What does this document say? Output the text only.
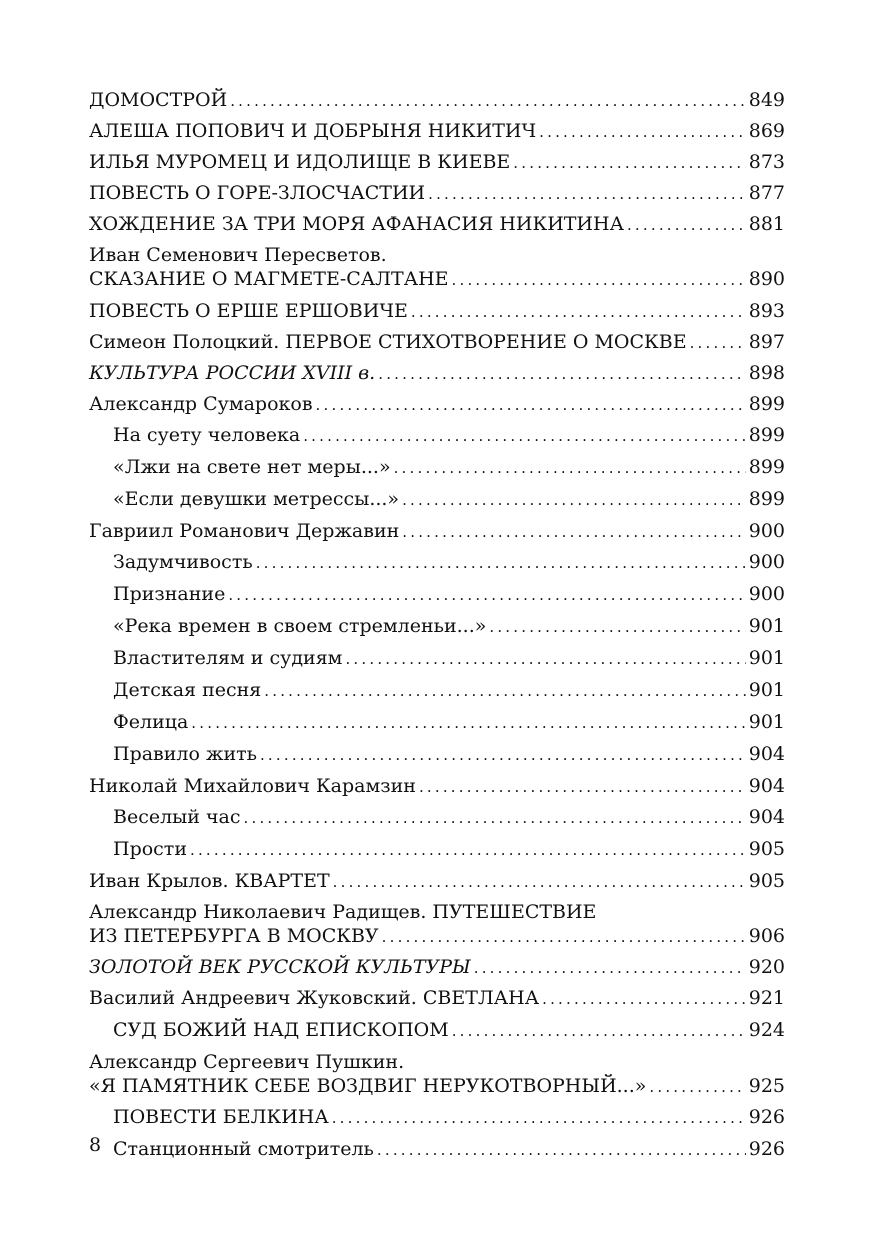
ДОМОСТРОЙ .....	849
АЛЕША ПОПОВИЧ И ДОБРЫНЯ НИКИТИЧ .....	869
ИЛЬЯ МУРОМЕЦ И ИДОЛИЩЕ В КИЕВЕ .....	873
ПОВЕСТЬ О ГОРЕ-ЗЛОСЧАСТИИ .....	877
ХОЖДЕНИЕ ЗА ТРИ МОРЯ АФАНАСИЯ НИКИТИНА .....	881
Иван Семенович Пересветов.
СКАЗАНИЕ О МАГМЕТЕ-САЛТАНЕ .....	890
ПОВЕСТЬ О ЕРШЕ ЕРШОВИЧЕ .....	893
Симеон Полоцкий. ПЕРВОЕ СТИХОТВОРЕНИЕ О МОСКВЕ .....	897
КУЛЬТУРА РОССИИ XVIII в. .....	898
Александр Сумароков .....	899
На суету человека .....	899
«Лжи на свете нет меры...» .....	899
«Если девушки метрессы...» .....	899
Гавриил Романович Державин .....	900
Задумчивость .....	900
Признание .....	900
«Река времен в своем стремленьи...» .....	901
Властителям и судиям .....	901
Детская песня .....	901
Фелица .....	901
Правило жить .....	904
Николай Михайлович Карамзин .....	904
Веселый час .....	904
Прости .....	905
Иван Крылов. КВАРТЕТ .....	905
Александр Николаевич Радищев. ПУТЕШЕСТВИЕ
ИЗ ПЕТЕРБУРГА В МОСКВУ .....	906
ЗОЛОТОЙ ВЕК РУССКОЙ КУЛЬТУРЫ .....	920
Василий Андреевич Жуковский. СВЕТЛАНА .....	921
СУД БОЖИЙ НАД ЕПИСКОПОМ .....	924
Александр Сергеевич Пушкин.
«Я ПАМЯТНИК СЕБЕ ВОЗДВИГ НЕРУКОТВОРНЫЙ...» .....	925
ПОВЕСТИ БЕЛКИНА .....	926
Станционный смотритель .....	926
8
